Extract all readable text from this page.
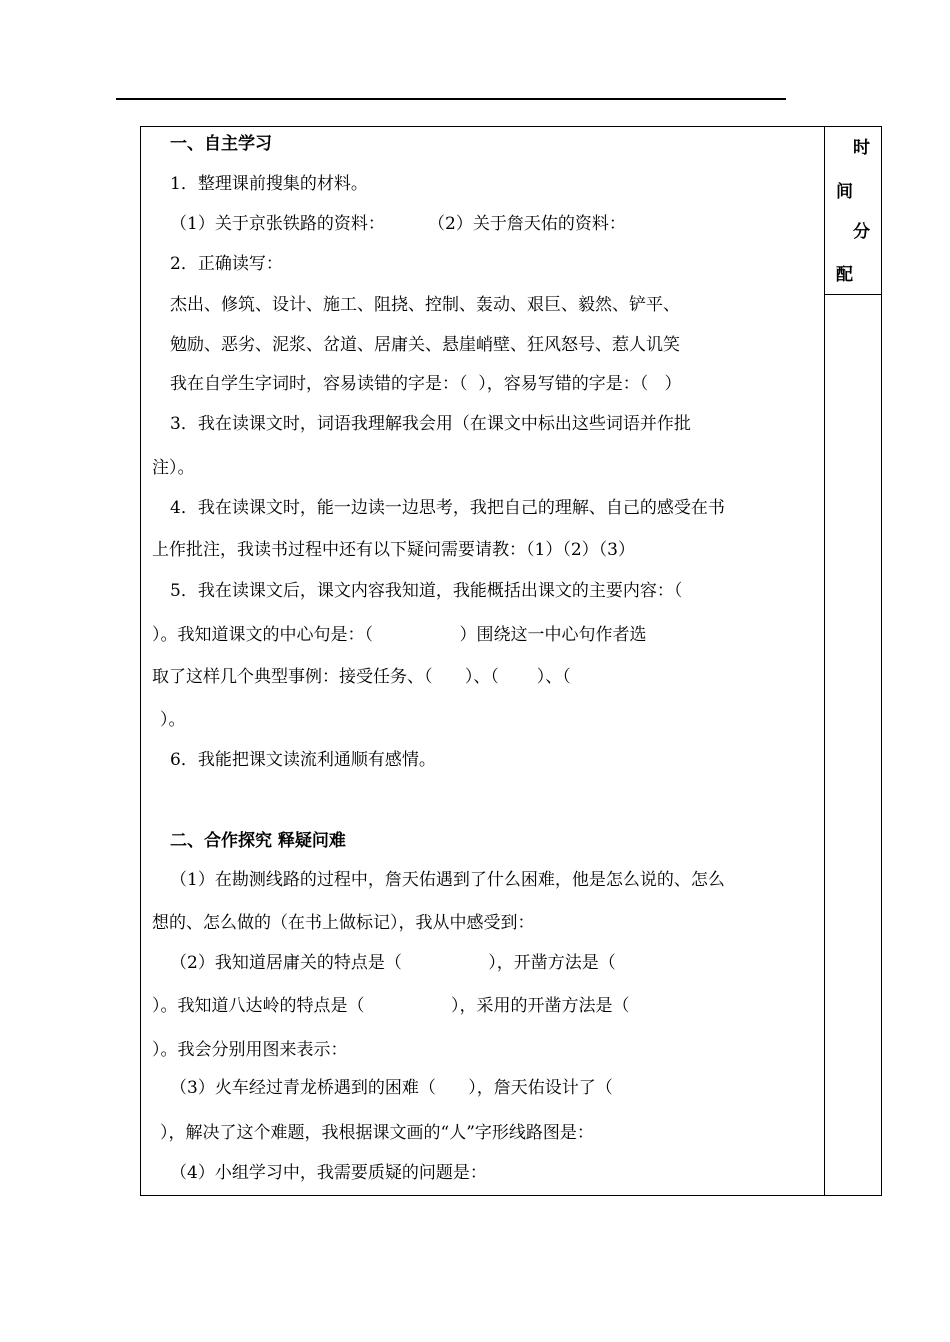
时
间
分
配
一、自主学习
1．整理课前搜集的材料。
（1）关于京张铁路的资料：        （2）关于詹天佑的资料：
2．正确读写：
杰出、修筑、设计、施工、阻挠、控制、轰动、艰巨、毅然、铲平、
勉励、恶劣、泥浆、岔道、居庸关、悬崖峭壁、狂风怒号、惹人讥笑
我在自学生字词时，容易读错的字是：（  ），容易写错的字是：（   ）
3．我在读课文时，词语我理解我会用（在课文中标出这些词语并作批
注）。
4．我在读课文时，能一边读一边思考，我把自己的理解、自己的感受在书
上作批注，我读书过程中还有以下疑问需要请教：（1）（2）（3）
5．我在读课文后，课文内容我知道，我能概括出课文的主要内容：（
）。我知道课文的中心句是：（                ）围绕这一中心句作者选
取了这样几个典型事例：接受任务、（      ）、（       ）、（
）。
6．我能把课文读流利通顺有感情。
二、合作探究 释疑问难
（1）在勘测线路的过程中，詹天佑遇到了什么困难，他是怎么说的、怎么
想的、怎么做的（在书上做标记），我从中感受到：
（2）我知道居庸关的特点是（                ），开凿方法是（
）。我知道八达岭的特点是（                ），采用的开凿方法是（
）。我会分别用图来表示：
（3）火车经过青龙桥遇到的困难（      ），詹天佑设计了（
），解决了这个难题，我根据课文画的“人”字形线路图是：
（4）小组学习中，我需要质疑的问题是：
